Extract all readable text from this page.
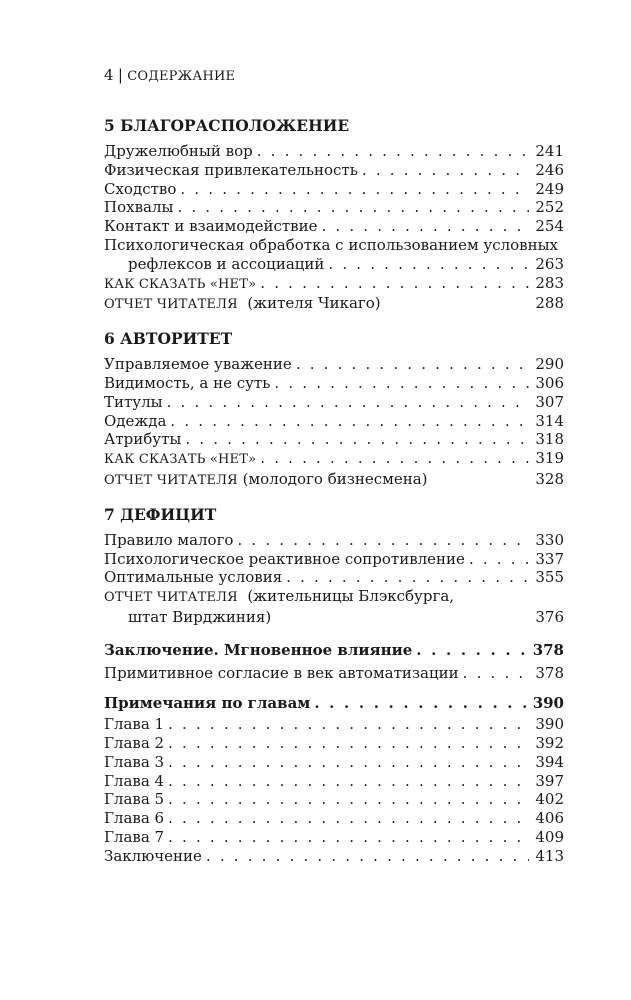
4 | СОДЕРЖАНИЕ
5 БЛАГОРАСПОЛОЖЕНИЕ
Дружелюбный вор . . .	241
Физическая привлекательность . . .	246
Сходство . . .	249
Похвалы . . .	252
Контакт и взаимодействие . . .	254
Психологическая обработка с использованием условных
рефлексов и ассоциаций . . .	263
КАК СКАЗАТЬ «НЕТ» . . .	283
ОТЧЕТ ЧИТАТЕЛЯ  (жителя Чикаго)	288
6 АВТОРИТЕТ
Управляемое уважение . . .	290
Видимость, а не суть . . .	306
Титулы . . .	307
Одежда . . .	314
Атрибуты . . .	318
КАК СКАЗАТЬ «НЕТ» . . .	319
ОТЧЕТ ЧИТАТЕЛЯ (молодого бизнесмена)	328
7 ДЕФИЦИТ
Правило малого . . .	330
Психологическое реактивное сопротивление . . .	337
Оптимальные условия . . .	355
ОТЧЕТ ЧИТАТЕЛЯ  (жительницы Блэксбурга,
штат Вирджиния)	376
Заключение. Мгновенное влияние . . .	378
Примитивное согласие в век автоматизации . . .	378
Примечания по главам . . .	390
Глава 1 . . .	390
Глава 2 . . .	392
Глава 3 . . .	394
Глава 4 . . .	397
Глава 5 . . .	402
Глава 6 . . .	406
Глава 7 . . .	409
Заключение . . .	413
